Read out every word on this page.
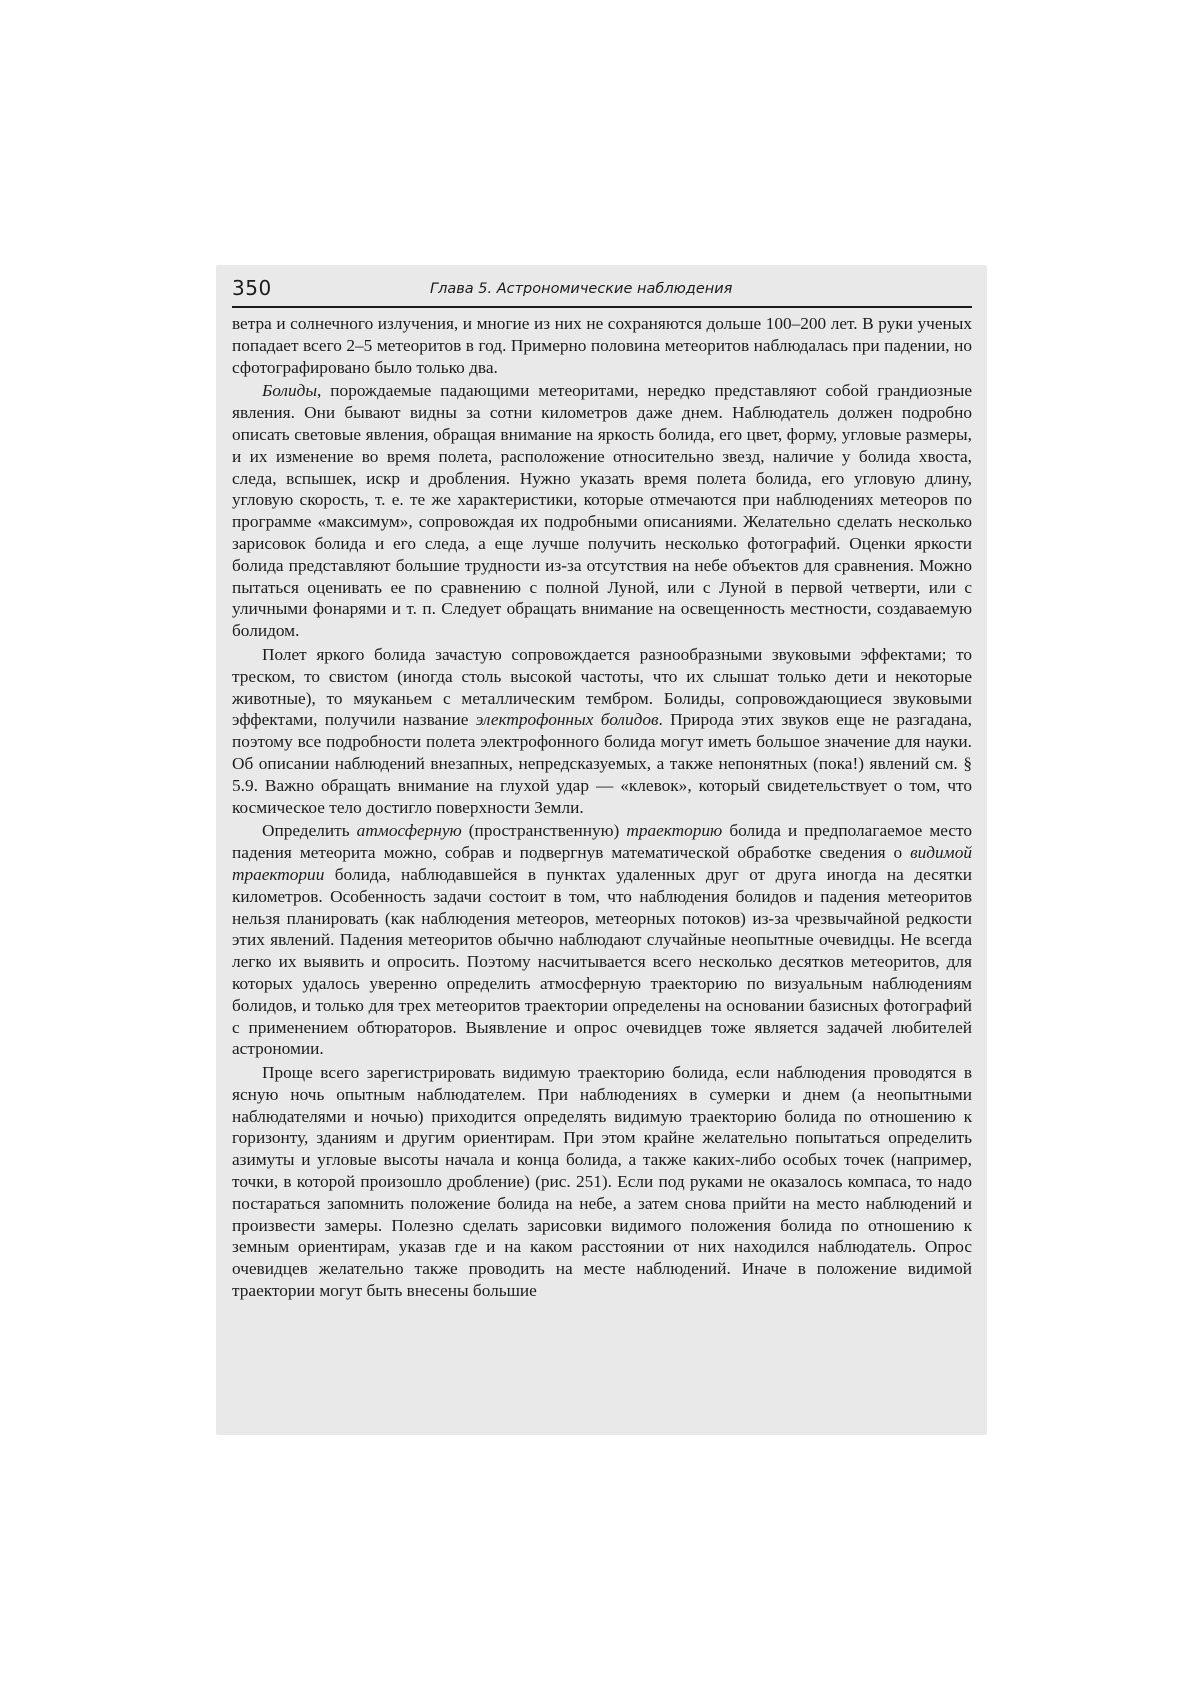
350	Глава 5. Астрономические наблюдения

ветра и солнечного излучения, и многие из них не сохраняются дольше 100–200 лет. В руки ученых попадает всего 2–5 метеоритов в год. Примерно половина метеоритов наблюдалась при падении, но сфотографировано было только два.

Болиды, порождаемые падающими метеоритами, нередко представляют собой грандиозные явления. Они бывают видны за сотни километров даже днем. Наблюдатель должен подробно описать световые явления, обращая внимание на яркость болида, его цвет, форму, угловые размеры, и их изменение во время полета, расположение относительно звезд, наличие у болида хвоста, следа, вспышек, искр и дробления. Нужно указать время полета болида, его угловую длину, угловую скорость, т. е. те же характеристики, которые отмечаются при наблюдениях метеоров по программе «максимум», сопровождая их подробными описаниями. Желательно сделать несколько зарисовок болида и его следа, а еще лучше получить несколько фотографий. Оценки яркости болида представляют большие трудности из-за отсутствия на небе объектов для сравнения. Можно пытаться оценивать ее по сравнению с полной Луной, или с Луной в первой четверти, или с уличными фонарями и т. п. Следует обращать внимание на освещенность местности, создаваемую болидом.

Полет яркого болида зачастую сопровождается разнообразными звуковыми эффектами; то треском, то свистом (иногда столь высокой частоты, что их слышат только дети и некоторые животные), то мяуканьем с металлическим тембром. Болиды, сопровождающиеся звуковыми эффектами, получили название электрофонных болидов. Природа этих звуков еще не разгадана, поэтому все подробности полета электрофонного болида могут иметь большое значение для науки. Об описании наблюдений внезапных, непредсказуемых, а также непонятных (пока!) явлений см. § 5.9. Важно обращать внимание на глухой удар — «клевок», который свидетельствует о том, что космическое тело достигло поверхности Земли.

Определить атмосферную (пространственную) траекторию болида и предполагаемое место падения метеорита можно, собрав и подвергнув математической обработке сведения о видимой траектории болида, наблюдавшейся в пунктах удаленных друг от друга иногда на десятки километров. Особенность задачи состоит в том, что наблюдения болидов и падения метеоритов нельзя планировать (как наблюдения метеоров, метеорных потоков) из-за чрезвычайной редкости этих явлений. Падения метеоритов обычно наблюдают случайные неопытные очевидцы. Не всегда легко их выявить и опросить. Поэтому насчитывается всего несколько десятков метеоритов, для которых удалось уверенно определить атмосферную траекторию по визуальным наблюдениям болидов, и только для трех метеоритов траектории определены на основании базисных фотографий с применением обтюраторов. Выявление и опрос очевидцев тоже является задачей любителей астрономии.

Проще всего зарегистрировать видимую траекторию болида, если наблюдения проводятся в ясную ночь опытным наблюдателем. При наблюдениях в сумерки и днем (а неопытными наблюдателями и ночью) приходится определять видимую траекторию болида по отношению к горизонту, зданиям и другим ориентирам. При этом крайне желательно попытаться определить азимуты и угловые высоты начала и конца болида, а также каких-либо особых точек (например, точки, в которой произошло дробление) (рис. 251). Если под руками не оказалось компаса, то надо постараться запомнить положение болида на небе, а затем снова прийти на место наблюдений и произвести замеры. Полезно сделать зарисовки видимого положения болида по отношению к земным ориентирам, указав где и на каком расстоянии от них находился наблюдатель. Опрос очевидцев желательно также проводить на месте наблюдений. Иначе в положение видимой траектории могут быть внесены большие
